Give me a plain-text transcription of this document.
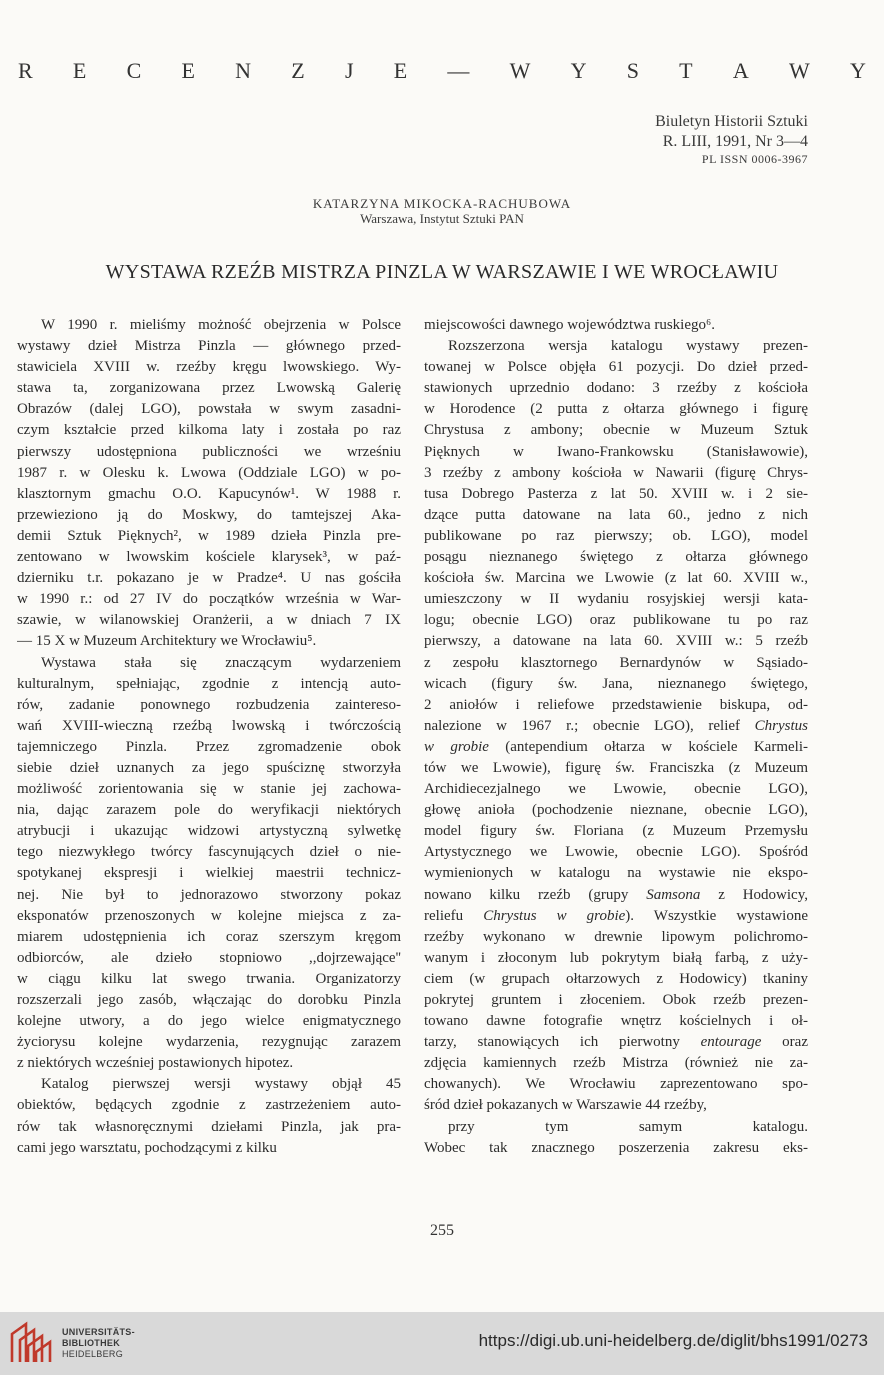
R E C E N Z J E — W Y S T A W Y
Biuletyn Historii Sztuki
R. LIII, 1991, Nr 3—4
PL ISSN 0006-3967
KATARZYNA MIKOCKA-RACHUBOWA
Warszawa, Instytut Sztuki PAN
WYSTAWA RZEŹB MISTRZA PINZLA W WARSZAWIE I WE WROCŁAWIU
W 1990 r. mieliśmy możność obejrzenia w Polsce
wystawy dzieł Mistrza Pinzla — głównego przed-
stawiciela XVIII w. rzeźby kręgu lwowskiego. Wy-
stawa ta, zorganizowana przez Lwowską Galerię
Obrazów (dalej LGO), powstała w swym zasadni-
czym kształcie przed kilkoma laty i została po raz
pierwszy udostępniona publiczności we wrześniu
1987 r. w Olesku k. Lwowa (Oddziale LGO) w po-
klasztornym gmachu O.O. Kapucynów¹. W 1988 r.
przewieziono ją do Moskwy, do tamtejszej Aka-
demii Sztuk Pięknych², w 1989 dzieła Pinzla pre-
zentowano w lwowskim kościele klarysek³, w paź-
dzierniku t.r. pokazano je w Pradze⁴. U nas gościła
w 1990 r.: od 27 IV do początków września w War-
szawie, w wilanowskiej Oranżerii, a w dniach 7 IX
— 15 X w Muzeum Architektury we Wrocławiu⁵.
Wystawa stała się znaczącym wydarzeniem
kulturalnym, spełniając, zgodnie z intencją auto-
rów, zadanie ponownego rozbudzenia zaintereso-
wań XVIII-wieczną rzeźbą lwowską i twórczością
tajemniczego Pinzla. Przez zgromadzenie obok
siebie dzieł uznanych za jego spuściznę stworzyła
możliwość zorientowania się w stanie jej zachowa-
nia, dając zarazem pole do weryfikacji niektórych
atrybucji i ukazując widzowi artystyczną sylwetkę
tego niezwykłego twórcy fascynujących dzieł o nie-
spotykanej ekspresji i wielkiej maestrii technicz-
nej. Nie był to jednorazowo stworzony pokaz
eksponatów przenoszonych w kolejne miejsca z za-
miarem udostępnienia ich coraz szerszym kręgom
odbiorców, ale dzieło stopniowo ,,dojrzewające''
w ciągu kilku lat swego trwania. Organizatorzy
rozszerzali jego zasób, włączając do dorobku Pinzla
kolejne utwory, a do jego wielce enigmatycznego
życiorysu kolejne wydarzenia, rezygnując zarazem
z niektórych wcześniej postawionych hipotez.
Katalog pierwszej wersji wystawy objął 45
obiektów, będących zgodnie z zastrzeżeniem auto-
rów tak własnoręcznymi dziełami Pinzla, jak pra-
cami jego warsztatu, pochodzącymi z kilku
miejscowości dawnego województwa ruskiego⁶.
Rozszerzona wersja katalogu wystawy prezen-
towanej w Polsce objęła 61 pozycji. Do dzieł przed-
stawionych uprzednio dodano: 3 rzeźby z kościoła
w Horodence (2 putta z ołtarza głównego i figurę
Chrystusa z ambony; obecnie w Muzeum Sztuk
Pięknych w Iwano-Frankowsku (Stanisławowie),
3 rzeźby z ambony kościoła w Nawarii (figurę Chrys-
tusa Dobrego Pasterza z lat 50. XVIII w. i 2 sie-
dzące putta datowane na lata 60., jedno z nich
publikowane po raz pierwszy; ob. LGO), model
posągu nieznanego świętego z ołtarza głównego
kościoła św. Marcina we Lwowie (z lat 60. XVIII w.,
umieszczony w II wydaniu rosyjskiej wersji kata-
logu; obecnie LGO) oraz publikowane tu po raz
pierwszy, a datowane na lata 60. XVIII w.: 5 rzeźb
z zespołu klasztornego Bernardynów w Sąsiado-
wicach (figury św. Jana, nieznanego świętego,
2 aniołów i reliefowe przedstawienie biskupa, od-
nalezione w 1967 r.; obecnie LGO), relief Chrystus
w grobie (antependium ołtarza w kościele Karmeli-
tów we Lwowie), figurę św. Franciszka (z Muzeum
Archidiecezjalnego we Lwowie, obecnie LGO),
głowę anioła (pochodzenie nieznane, obecnie LGO),
model figury św. Floriana (z Muzeum Przemysłu
Artystycznego we Lwowie, obecnie LGO). Spośród
wymienionych w katalogu na wystawie nie ekspo-
nowano kilku rzeźb (grupy Samsona z Hodowicy,
reliefu Chrystus w grobie). Wszystkie wystawione
rzeźby wykonano w drewnie lipowym polichromo-
wanym i złoconym lub pokrytym białą farbą, z uży-
ciem (w grupach ołtarzowych z Hodowicy) tkaniny
pokrytej gruntem i złoceniem. Obok rzeźb prezen-
towano dawne fotografie wnętrz kościelnych i oł-
tarzy, stanowiących ich pierwotny entourage oraz
zdjęcia kamiennych rzeźb Mistrza (również nie za-
chowanych). We Wrocławiu zaprezentowano spo-
śród dzieł pokazanych w Warszawie 44 rzeźby,
przy tym samym katalogu.
Wobec tak znacznego poszerzenia zakresu eks-
255
UNIVERSITÄTS-
BIBLIOTHEK
HEIDELBERG
https://digi.ub.uni-heidelberg.de/diglit/bhs1991/0273
